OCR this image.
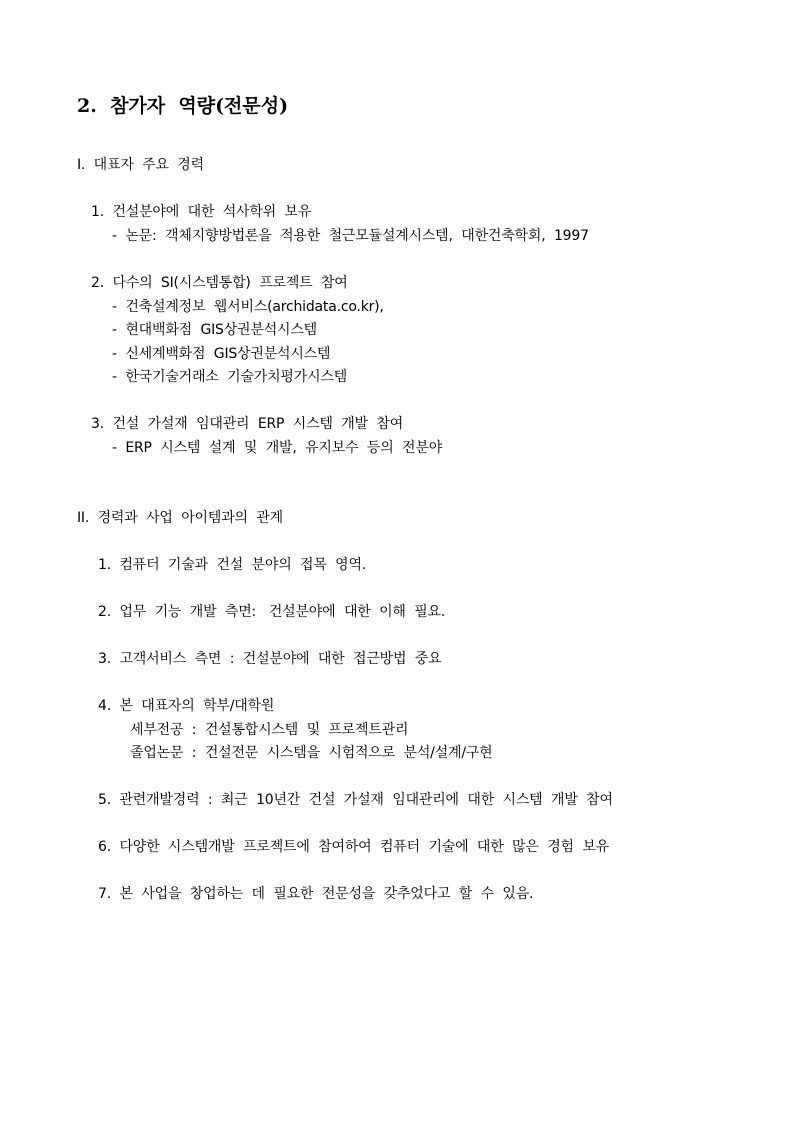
2.  참가자  역량(전문성)
I.  대표자  주요  경력
1.  건설분야에  대한  석사학위  보유
-  논문:  객체지향방법론을  적용한  철근모듈설계시스템,  대한건축학회,  1997
2.  다수의  SI(시스템통합)  프로젝트  참여
-  건축설계정보  웹서비스(archidata.co.kr),
-  현대백화점  GIS상권분석시스템
-  신세계백화점  GIS상권분석시스템
-  한국기술거래소  기술가치평가시스템
3.  건설  가설재  임대관리  ERP  시스템  개발  참여
-  ERP  시스템  설계  및  개발,  유지보수  등의  전분야
II.  경력과  사업  아이템과의  관계
1.  컴퓨터  기술과  건설  분야의  접목  영역.
2.  업무  기능  개발  측면:   건설분야에  대한  이해  필요.
3.  고객서비스  측면  :  건설분야에  대한  접근방법  중요
4.  본  대표자의  학부/대학원
세부전공  :  건설통합시스템  및  프로젝트관리
졸업논문  :  건설전문  시스템을  시험적으로  분석/설계/구현
5.  관련개발경력  :  최근  10년간  건설  가설재  임대관리에  대한  시스템  개발  참여
6.  다양한  시스템개발  프로젝트에  참여하여  컴퓨터  기술에  대한  많은  경험  보유
7.  본  사업을  창업하는  데  필요한  전문성을  갖추었다고  할  수  있음.
